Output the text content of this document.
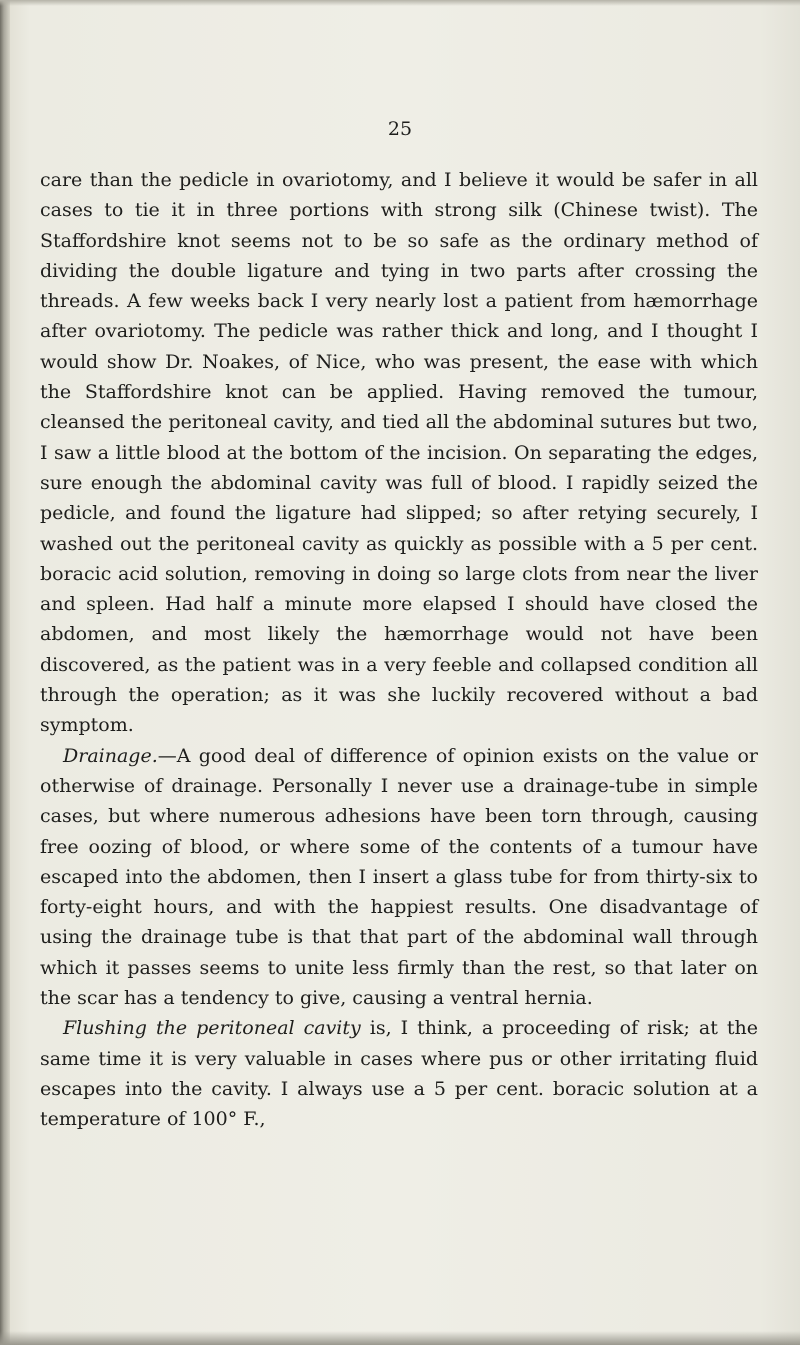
25

care than the pedicle in ovariotomy, and I believe it would be safer in all cases to tie it in three portions with strong silk (Chinese twist). The Staffordshire knot seems not to be so safe as the ordinary method of dividing the double ligature and tying in two parts after crossing the threads. A few weeks back I very nearly lost a patient from hæmorrhage after ovariotomy. The pedicle was rather thick and long, and I thought I would show Dr. Noakes, of Nice, who was present, the ease with which the Staffordshire knot can be applied. Having removed the tumour, cleansed the peritoneal cavity, and tied all the abdominal sutures but two, I saw a little blood at the bottom of the incision. On separating the edges, sure enough the abdominal cavity was full of blood. I rapidly seized the pedicle, and found the ligature had slipped; so after retying securely, I washed out the peritoneal cavity as quickly as possible with a 5 per cent. boracic acid solution, removing in doing so large clots from near the liver and spleen. Had half a minute more elapsed I should have closed the abdomen, and most likely the hæmorrhage would not have been discovered, as the patient was in a very feeble and collapsed condition all through the operation; as it was she luckily recovered without a bad symptom.

Drainage.—A good deal of difference of opinion exists on the value or otherwise of drainage. Personally I never use a drainage-tube in simple cases, but where numerous adhesions have been torn through, causing free oozing of blood, or where some of the contents of a tumour have escaped into the abdomen, then I insert a glass tube for from thirty-six to forty-eight hours, and with the happiest results. One disadvantage of using the drainage tube is that that part of the abdominal wall through which it passes seems to unite less firmly than the rest, so that later on the scar has a tendency to give, causing a ventral hernia.

Flushing the peritoneal cavity is, I think, a proceeding of risk; at the same time it is very valuable in cases where pus or other irritating fluid escapes into the cavity. I always use a 5 per cent. boracic solution at a temperature of 100° F.,
